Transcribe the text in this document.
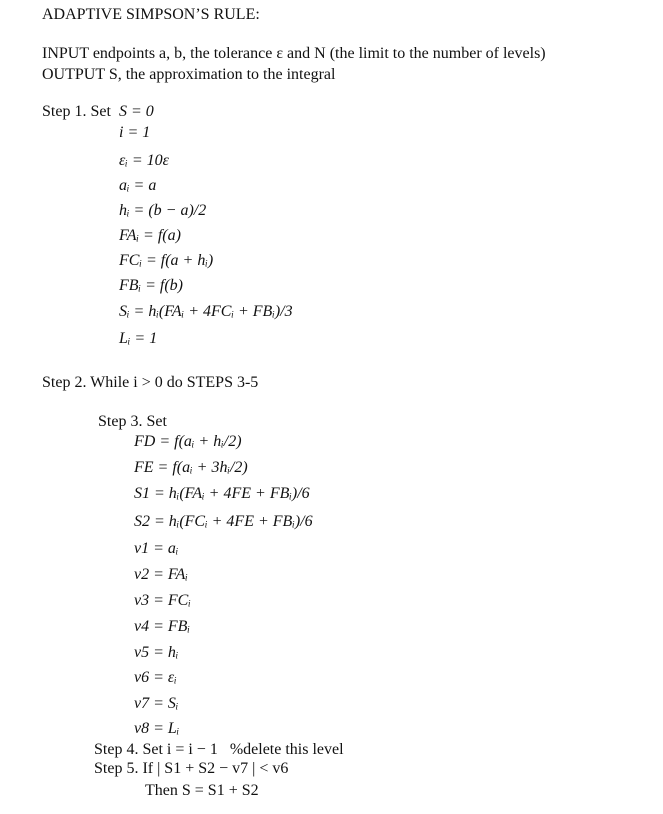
ADAPTIVE SIMPSON’S RULE:
INPUT endpoints a, b, the tolerance ε and N (the limit to the number of levels)
OUTPUT S, the approximation to the integral
Step 1. Set S = 0
i = 1
εᵢ = 10ε
aᵢ = a
hᵢ = (b − a)/2
FAᵢ = f(a)
FCᵢ = f(a + hᵢ)
FBᵢ = f(b)
Sᵢ = hᵢ(FAᵢ + 4FCᵢ + FBᵢ)/3
Lᵢ = 1
Step 2. While i > 0 do STEPS 3-5
Step 3. Set
FD = f(aᵢ + hᵢ/2)
FE = f(aᵢ + 3hᵢ/2)
S1 = hᵢ(FAᵢ + 4FE + FBᵢ)/6
S2 = hᵢ(FCᵢ + 4FE + FBᵢ)/6
v1 = aᵢ
v2 = FAᵢ
v3 = FCᵢ
v4 = FBᵢ
v5 = hᵢ
v6 = εᵢ
v7 = Sᵢ
v8 = Lᵢ
Step 4. Set i = i − 1   %delete this level
Step 5. If | S1 + S2 − v7 | < v6
Then S = S1 + S2
